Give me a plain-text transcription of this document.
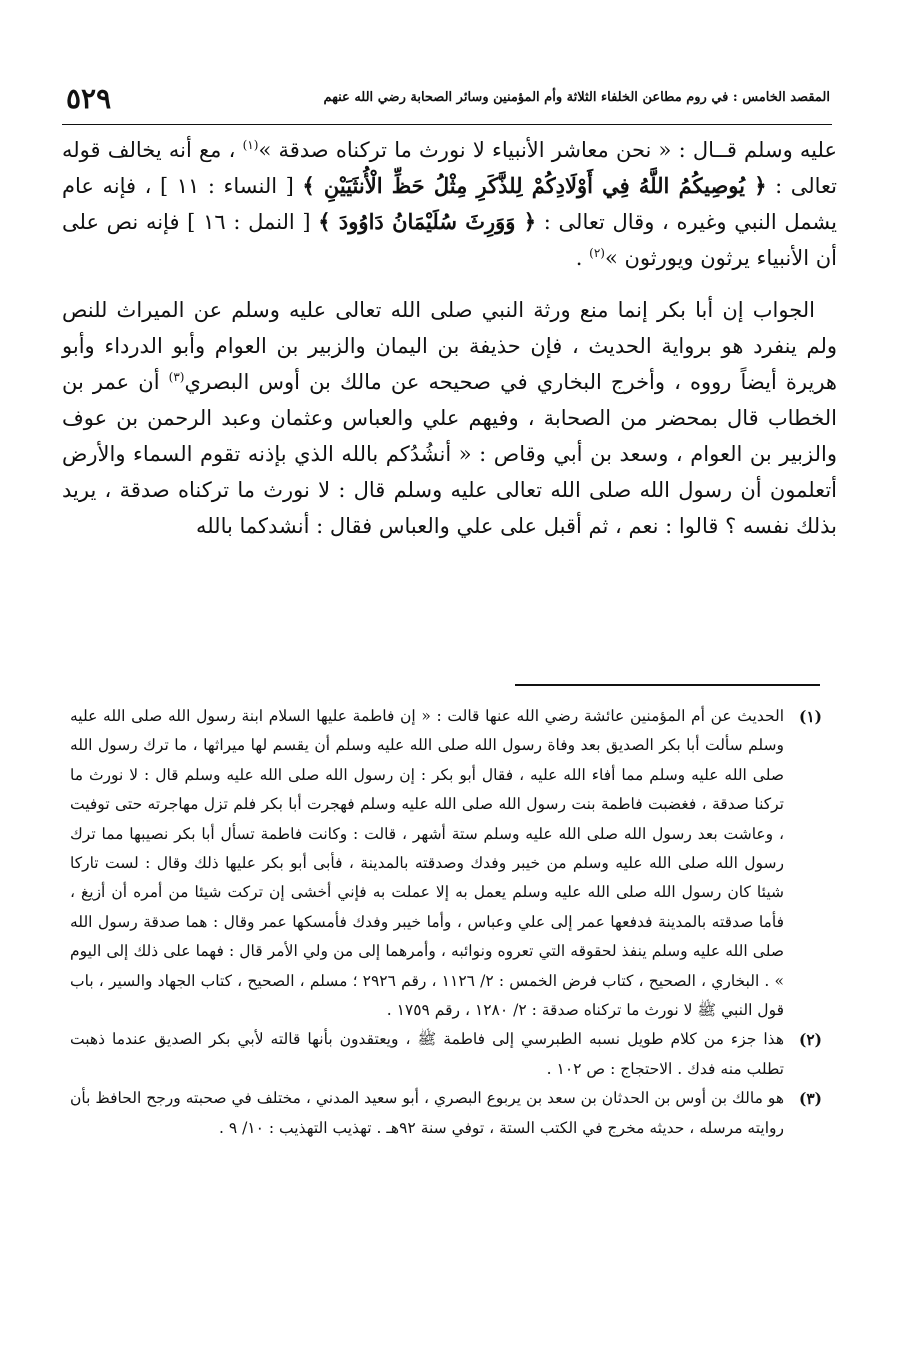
٥٢٩	المقصد الخامس : في روم مطاعن الخلفاء الثلاثة وأم المؤمنين وسائر الصحابة رضي الله عنهم

عليه وسلم قــال : « نحن معاشر الأنبياء لا نورث ما تركناه صدقة »$^{(١)}$ ، مع أنه يخالف قوله تعالى : ﴿ يُوصِيكُمُ اللَّهُ فِي أَوْلَادِكُمْ لِلذَّكَرِ مِثْلُ حَظِّ الْأُنثَيَيْنِ ﴾ [ النساء : ١١ ] ، فإنه عام يشمل النبي وغيره ، وقال تعالى : ﴿ وَوَرِثَ سُلَيْمَانُ دَاوُودَ ﴾ [ النمل : ١٦ ] فإنه نص على أن الأنبياء يرثون ويورثون »$^{(٢)}$ .

الجواب إن أبا بكر إنما منع ورثة النبي صلى الله تعالى عليه وسلم عن الميراث للنص ولم ينفرد هو برواية الحديث ، فإن حذيفة بن اليمان والزبير بن العوام وأبو الدرداء وأبو هريرة أيضاً رووه ، وأخرج البخاري في صحيحه عن مالك بن أوس البصري$^{(٣)}$ أن عمر بن الخطاب قال بمحضر من الصحابة ، وفيهم علي والعباس وعثمان وعبد الرحمن بن عوف والزبير بن العوام ، وسعد بن أبي وقاص : « أنشُدُكم بالله الذي بإذنه تقوم السماء والأرض أتعلمون أن رسول الله صلى الله تعالى عليه وسلم قال : لا نورث ما تركناه صدقة ، يريد بذلك نفسه ؟ قالوا : نعم ، ثم أقبل على علي والعباس فقال : أنشدكما بالله

(١)
الحديث عن أم المؤمنين عائشة رضي الله عنها قالت : « إن فاطمة عليها السلام ابنة رسول الله صلى الله عليه وسلم سألت أبا بكر الصديق بعد وفاة رسول الله صلى الله عليه وسلم أن يقسم لها ميراثها ، ما ترك رسول الله صلى الله عليه وسلم مما أفاء الله عليه ، فقال أبو بكر : إن رسول الله صلى الله عليه وسلم قال : لا نورث ما تركنا صدقة ، فغضبت فاطمة بنت رسول الله صلى الله عليه وسلم فهجرت أبا بكر فلم تزل مهاجرته حتى توفيت ، وعاشت بعد رسول الله صلى الله عليه وسلم ستة أشهر ، قالت : وكانت فاطمة تسأل أبا بكر نصيبها مما ترك رسول الله صلى الله عليه وسلم من خيبر وفدك وصدقته بالمدينة ، فأبى أبو بكر عليها ذلك وقال : لست تاركا شيئا كان رسول الله صلى الله عليه وسلم يعمل به إلا عملت به فإني أخشى إن تركت شيئا من أمره أن أزيغ ، فأما صدقته بالمدينة فدفعها عمر إلى علي وعباس ، وأما خيبر وفدك فأمسكها عمر وقال : هما صدقة رسول الله صلى الله عليه وسلم ينفذ لحقوقه التي تعروه ونوائبه ، وأمرهما إلى من ولي الأمر قال : فهما على ذلك إلى اليوم » . البخاري ، الصحيح ، كتاب فرض الخمس : ٢/ ١١٢٦ ، رقم ٢٩٢٦ ؛ مسلم ، الصحيح ، كتاب الجهاد والسير ، باب قول النبي ﷺ لا نورث ما تركناه صدقة : ٢/ ١٢٨٠ ، رقم ١٧٥٩ .

(٢)
هذا جزء من كلام طويل نسبه الطبرسي إلى فاطمة ﷺ ، ويعتقدون بأنها قالته لأبي بكر الصديق عندما ذهبت تطلب منه فدك . الاحتجاج : ص ١٠٢ .

(٣)
هو مالك بن أوس بن الحدثان بن سعد بن يربوع البصري ، أبو سعيد المدني ، مختلف في صحبته ورجح الحافظ بأن روايته مرسله ، حديثه مخرج في الكتب الستة ، توفي سنة ٩٢هـ . تهذيب التهذيب : ١٠/ ٩ .
